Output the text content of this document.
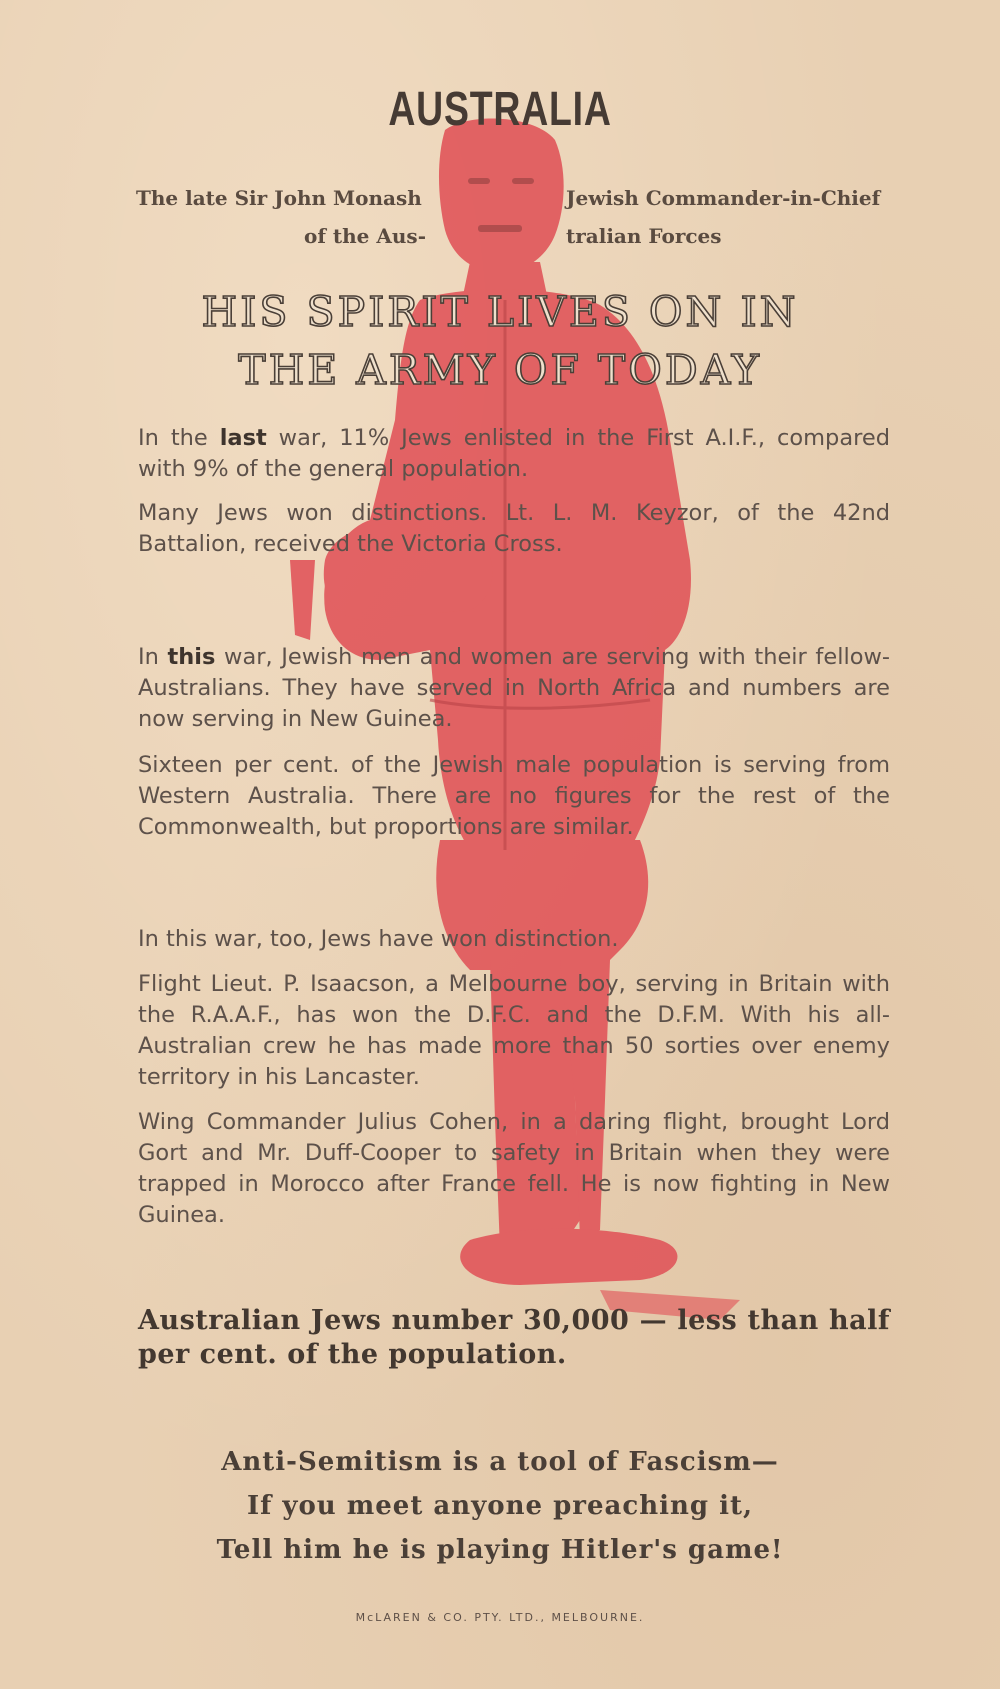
AUSTRALIA
The late Sir John Monash	Jewish Commander-in-Chief
of the Aus-	tralian Forces
HIS SPIRIT LIVES ON IN
THE ARMY OF TODAY
In the last war, 11% Jews enlisted in the First A.I.F., compared with 9% of the general population.
Many Jews won distinctions. Lt. L. M. Keyzor, of the 42nd Battalion, received the Victoria Cross.
In this war, Jewish men and women are serving with their fellow-Australians. They have served in North Africa and numbers are now serving in New Guinea.
Sixteen per cent. of the Jewish male population is serving from Western Australia. There are no figures for the rest of the Commonwealth, but proportions are similar.
In this war, too, Jews have won distinction.
Flight Lieut. P. Isaacson, a Melbourne boy, serving in Britain with the R.A.A.F., has won the D.F.C. and the D.F.M. With his all-Australian crew he has made more than 50 sorties over enemy territory in his Lancaster.
Wing Commander Julius Cohen, in a daring flight, brought Lord Gort and Mr. Duff-Cooper to safety in Britain when they were trapped in Morocco after France fell. He is now fighting in New Guinea.
Australian Jews number 30,000 — less than half per cent. of the population.
Anti-Semitism is a tool of Fascism—
If you meet anyone preaching it,
Tell him he is playing Hitler's game!
McLAREN & CO. PTY. LTD., MELBOURNE.
